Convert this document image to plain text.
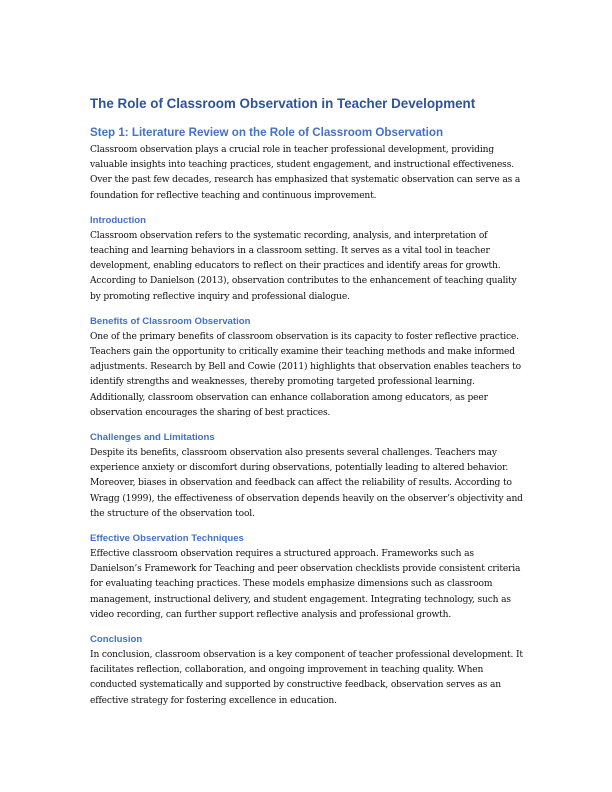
The Role of Classroom Observation in Teacher Development
Step 1: Literature Review on the Role of Classroom Observation

Classroom observation plays a crucial role in teacher professional development, providing
valuable insights into teaching practices, student engagement, and instructional effectiveness.
Over the past few decades, research has emphasized that systematic observation can serve as a
foundation for reflective teaching and continuous improvement.

Introduction

Classroom observation refers to the systematic recording, analysis, and interpretation of
teaching and learning behaviors in a classroom setting. It serves as a vital tool in teacher
development, enabling educators to reflect on their practices and identify areas for growth.
According to Danielson (2013), observation contributes to the enhancement of teaching quality
by promoting reflective inquiry and professional dialogue.

Benefits of Classroom Observation

One of the primary benefits of classroom observation is its capacity to foster reflective practice.
Teachers gain the opportunity to critically examine their teaching methods and make informed
adjustments. Research by Bell and Cowie (2011) highlights that observation enables teachers to
identify strengths and weaknesses, thereby promoting targeted professional learning.
Additionally, classroom observation can enhance collaboration among educators, as peer
observation encourages the sharing of best practices.

Challenges and Limitations

Despite its benefits, classroom observation also presents several challenges. Teachers may
experience anxiety or discomfort during observations, potentially leading to altered behavior.
Moreover, biases in observation and feedback can affect the reliability of results. According to
Wragg (1999), the effectiveness of observation depends heavily on the observer’s objectivity and
the structure of the observation tool.

Effective Observation Techniques

Effective classroom observation requires a structured approach. Frameworks such as
Danielson’s Framework for Teaching and peer observation checklists provide consistent criteria
for evaluating teaching practices. These models emphasize dimensions such as classroom
management, instructional delivery, and student engagement. Integrating technology, such as
video recording, can further support reflective analysis and professional growth.

Conclusion

In conclusion, classroom observation is a key component of teacher professional development. It
facilitates reflection, collaboration, and ongoing improvement in teaching quality. When
conducted systematically and supported by constructive feedback, observation serves as an
effective strategy for fostering excellence in education.
